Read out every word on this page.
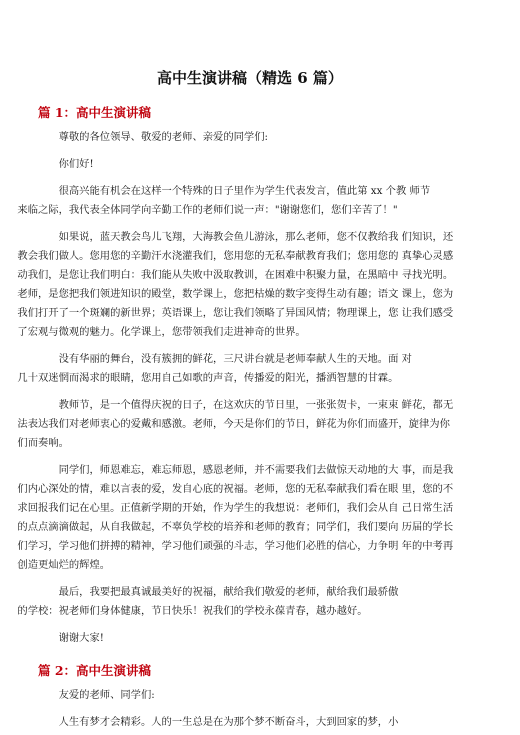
高中生演讲稿（精选 6 篇）
篇 1：高中生演讲稿

尊敬的各位领导、敬爱的老师、亲爱的同学们:

你们好!

很高兴能有机会在这样一个特殊的日子里作为学生代表发言，值此第 xx 个教 师节
来临之际，我代表全体同学向辛勤工作的老师们说一声："谢谢您们，您们辛苦了！"

如果说，蓝天教会鸟儿飞翔，大海教会鱼儿游泳，那么老师，您不仅教给我 们知识，还
教会我们做人。您用您的辛勤汗水浇灌我们，您用您的无私奉献教育我们；您用您的 真挚心灵感
动我们，是您让我们明白：我们能从失败中汲取教训，在困难中积聚力量，在黑暗中 寻找光明。
老师，是您把我们领进知识的殿堂，数学课上，您把枯燥的数字变得生动有趣；语文 课上，您为
我们打开了一个斑斓的新世界；英语课上，您让我们领略了异国风情；物理课上，您 让我们感受
了宏观与微观的魅力。化学课上，您带领我们走进神奇的世界。

没有华丽的舞台，没有簇拥的鲜花，三尺讲台就是老师奉献人生的天地。面 对
几十双迷惘而渴求的眼睛，您用自己如歌的声音，传播爱的阳光，播洒智慧的甘霖。

教师节，是一个值得庆祝的日子，在这欢庆的节日里，一张张贺卡，一束束 鲜花，都无
法表达我们对老师衷心的爱戴和感激。老师，今天是你们的节日，鲜花为你们而盛开，旋律为你
们而奏响。

同学们，师恩难忘，难忘师恩，感恩老师，并不需要我们去做惊天动地的大 事，而是我
们内心深处的情，难以言表的爱，发自心底的祝福。老师，您的无私奉献我们看在眼 里，您的不
求回报我们记在心里。正值新学期的开始，作为学生的我想说：老师们，我们会从自 己日常生活
的点点滴滴做起，从自我做起，不辜负学校的培养和老师的教育；同学们，我们要向 历届的学长
们学习，学习他们拼搏的精神，学习他们顽强的斗志，学习他们必胜的信心，力争明 年的中考再
创造更灿烂的辉煌。

最后，我要把最真诚最美好的祝福，献给我们敬爱的老师，献给我们最骄傲
的学校：祝老师们身体健康，节日快乐！祝我们的学校永葆青春，越办越好。

谢谢大家!

篇 2：高中生演讲稿

友爱的老师、同学们:

人生有梦才会精彩。人的一生总是在为那个梦不断奋斗，大到回家的梦，小
